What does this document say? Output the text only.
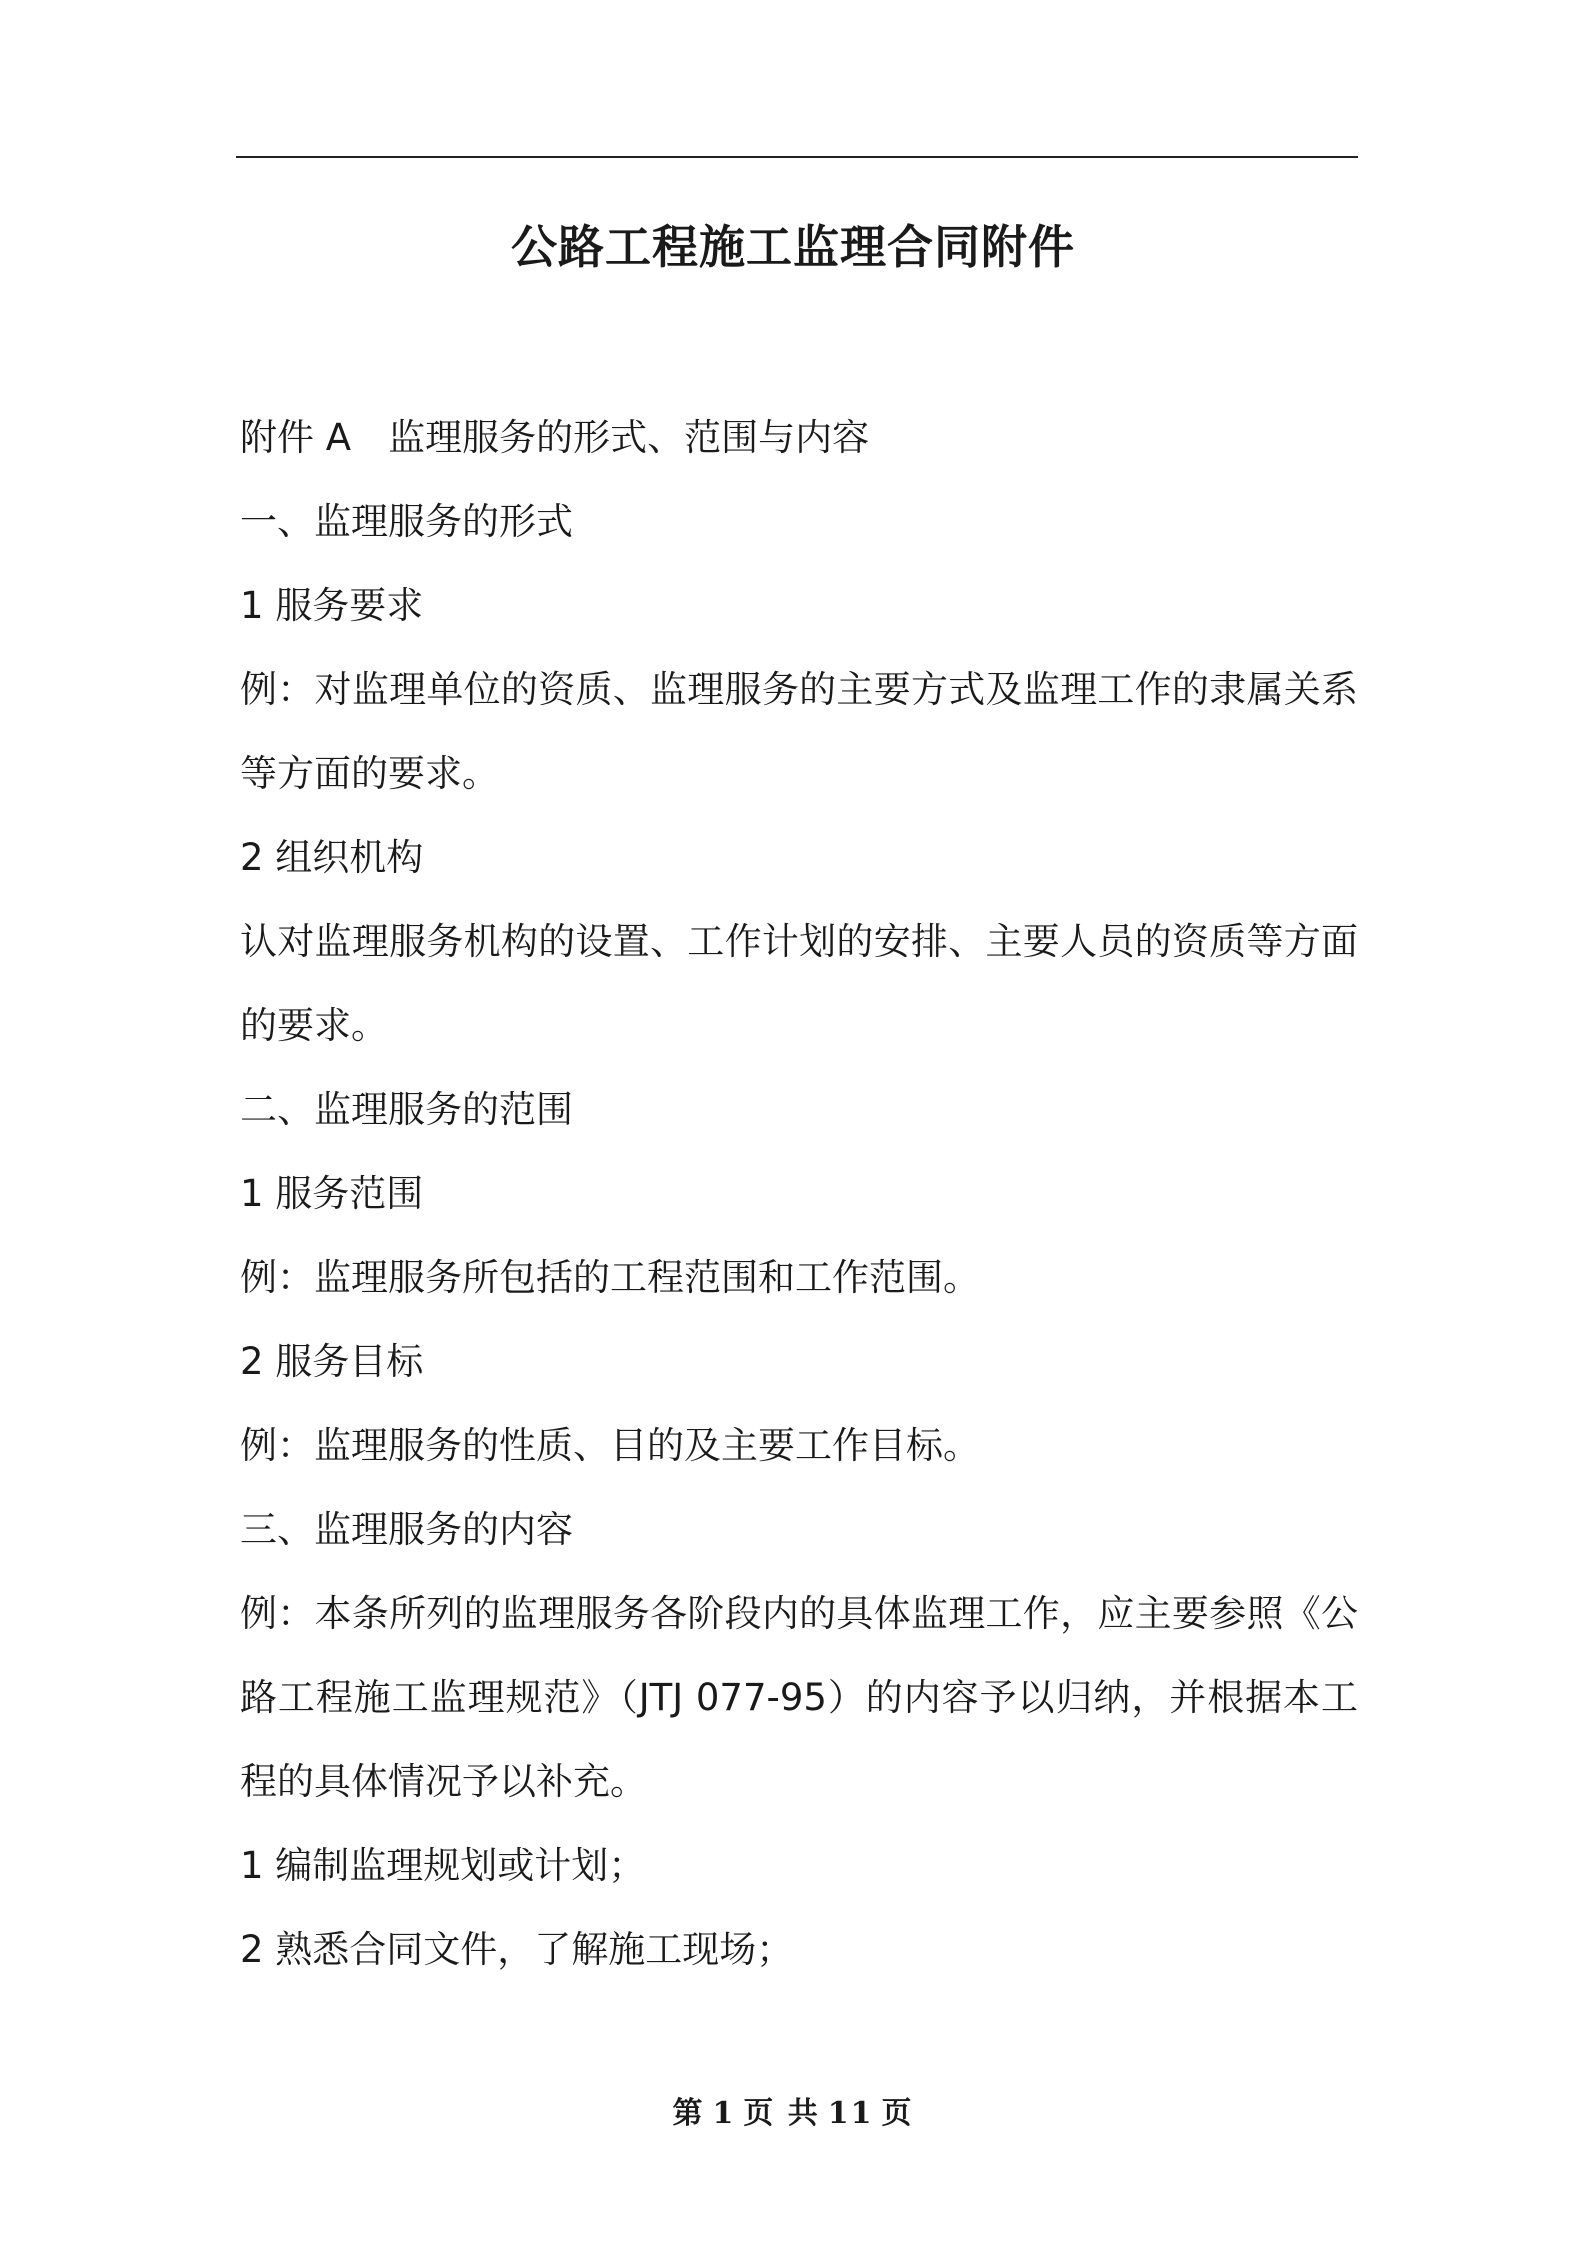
公路工程施工监理合同附件

附件 A　监理服务的形式、范围与内容

一、监理服务的形式

1 服务要求

例：对监理单位的资质、监理服务的主要方式及监理工作的隶属关系等方面的要求。

2 组织机构

认对监理服务机构的设置、工作计划的安排、主要人员的资质等方面的要求。

二、监理服务的范围

1 服务范围

例：监理服务所包括的工程范围和工作范围。

2 服务目标

例：监理服务的性质、目的及主要工作目标。

三、监理服务的内容

例：本条所列的监理服务各阶段内的具体监理工作，应主要参照《公路工程施工监理规范》（JTJ 077-95）的内容予以归纳，并根据本工程的具体情况予以补充。

1 编制监理规划或计划；

2 熟悉合同文件，了解施工现场；

第 1 页 共 11 页
